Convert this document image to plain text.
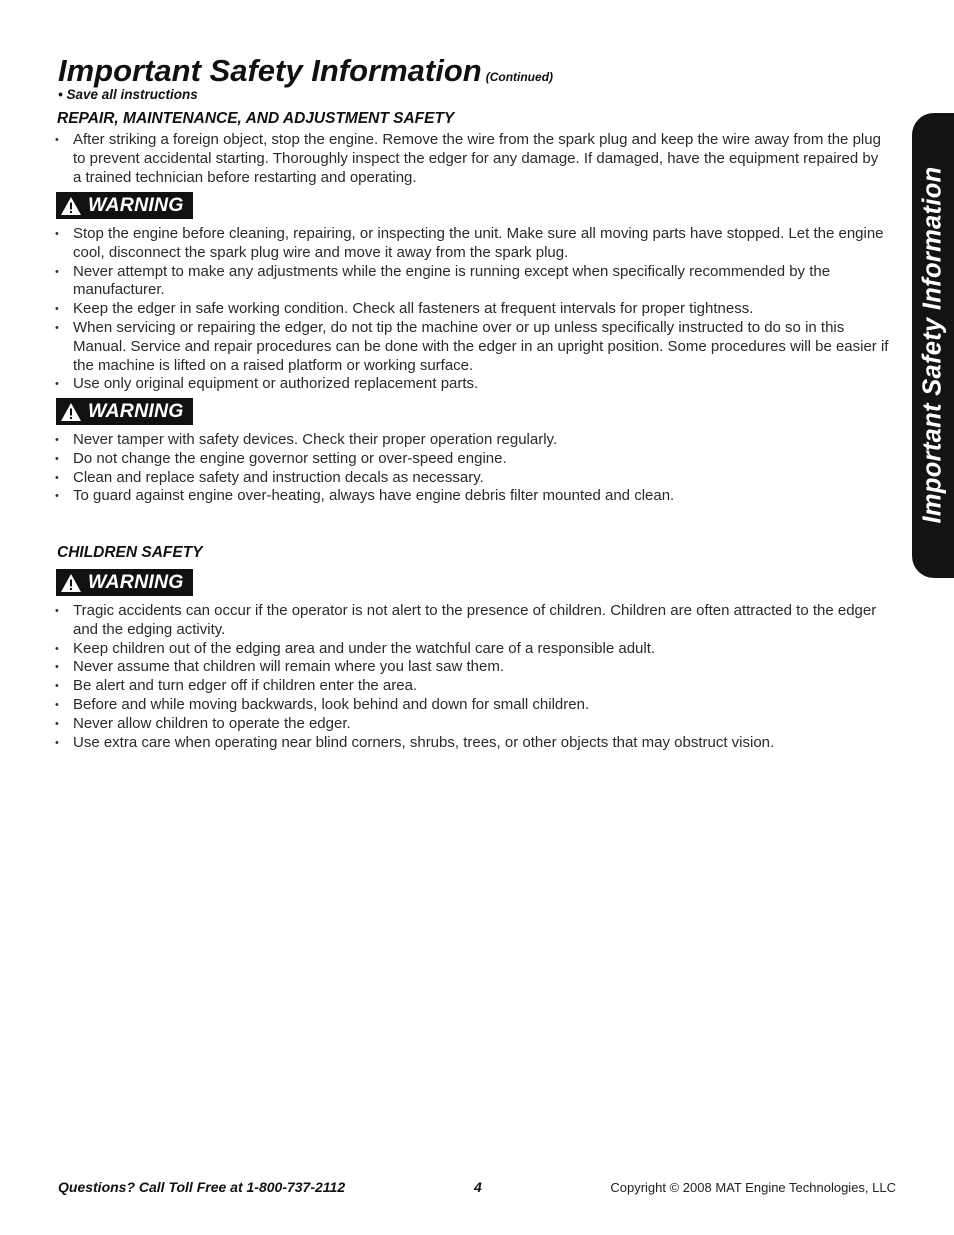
Important Safety Information (Continued)
• Save all instructions
REPAIR, MAINTENANCE, AND ADJUSTMENT SAFETY
• After striking a foreign object, stop the engine. Remove the wire from the spark plug and keep the wire away from the plug to prevent accidental starting. Thoroughly inspect the edger for any damage. If damaged, have the equipment repaired by a trained technician before restarting and operating.
WARNING
• Stop the engine before cleaning, repairing, or inspecting the unit. Make sure all moving parts have stopped. Let the engine cool, disconnect the spark plug wire and move it away from the spark plug.
• Never attempt to make any adjustments while the engine is running except when specifically recommended by the manufacturer.
• Keep the edger in safe working condition. Check all fasteners at frequent intervals for proper tightness.
• When servicing or repairing the edger, do not tip the machine over or up unless specifically instructed to do so in this Manual. Service and repair procedures can be done with the edger in an upright position. Some procedures will be easier if the machine is lifted on a raised platform or working surface.
• Use only original equipment or authorized replacement parts.
WARNING
• Never tamper with safety devices. Check their proper operation regularly.
• Do not change the engine governor setting or over-speed engine.
• Clean and replace safety and instruction decals as necessary.
• To guard against engine over-heating, always have engine debris filter mounted and clean.
CHILDREN SAFETY
WARNING
• Tragic accidents can occur if the operator is not alert to the presence of children. Children are often attracted to the edger and the edging activity.
• Keep children out of the edging area and under the watchful care of a responsible adult.
• Never assume that children will remain where you last saw them.
• Be alert and turn edger off if children enter the area.
• Before and while moving backwards, look behind and down for small children.
• Never allow children to operate the edger.
• Use extra care when operating near blind corners, shrubs, trees, or other objects that may obstruct vision.
Important Safety Information
Questions? Call Toll Free at 1-800-737-2112	4	Copyright © 2008 MAT Engine Technologies, LLC
